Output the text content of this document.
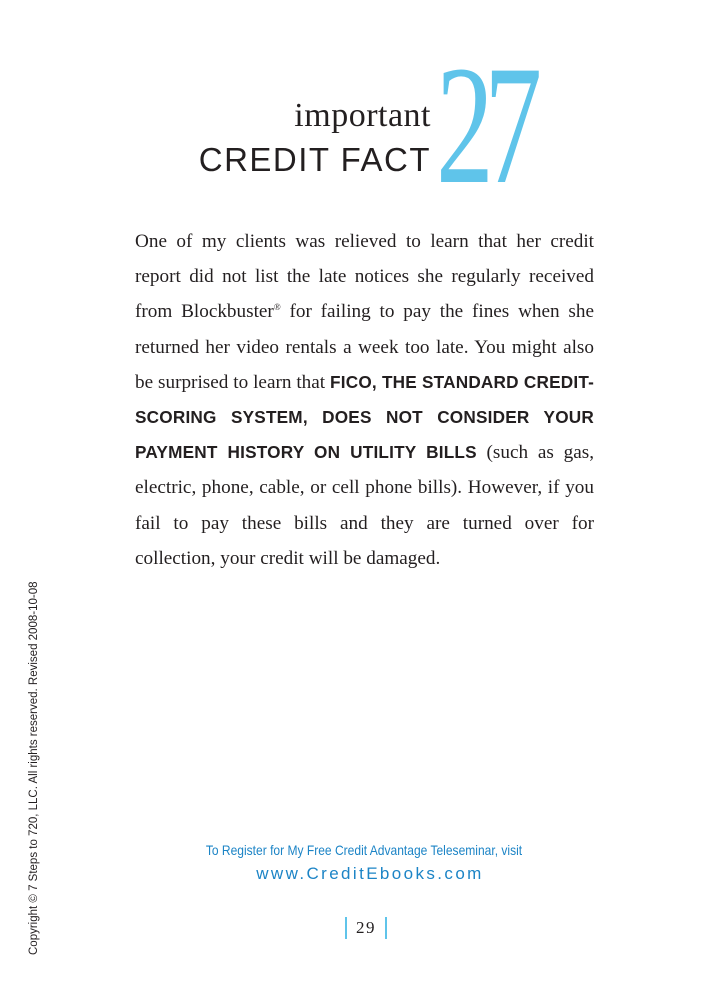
important
CREDIT FACT 27

One of my clients was relieved to learn that her credit report did not list the late notices she regularly received from Blockbuster® for failing to pay the fines when she returned her video rentals a week too late. You might also be surprised to learn that FICO, THE STANDARD CREDIT-SCORING SYSTEM, DOES NOT CONSIDER YOUR PAYMENT HISTORY ON UTILITY BILLS (such as gas, electric, phone, cable, or cell phone bills). However, if you fail to pay these bills and they are turned over for collection, your credit will be damaged.

Copyright © 7 Steps to 720, LLC. All rights reserved. Revised 2008-10-08	To Register for My Free Credit Advantage Teleseminar, visit
www.CreditEbooks.com
29
